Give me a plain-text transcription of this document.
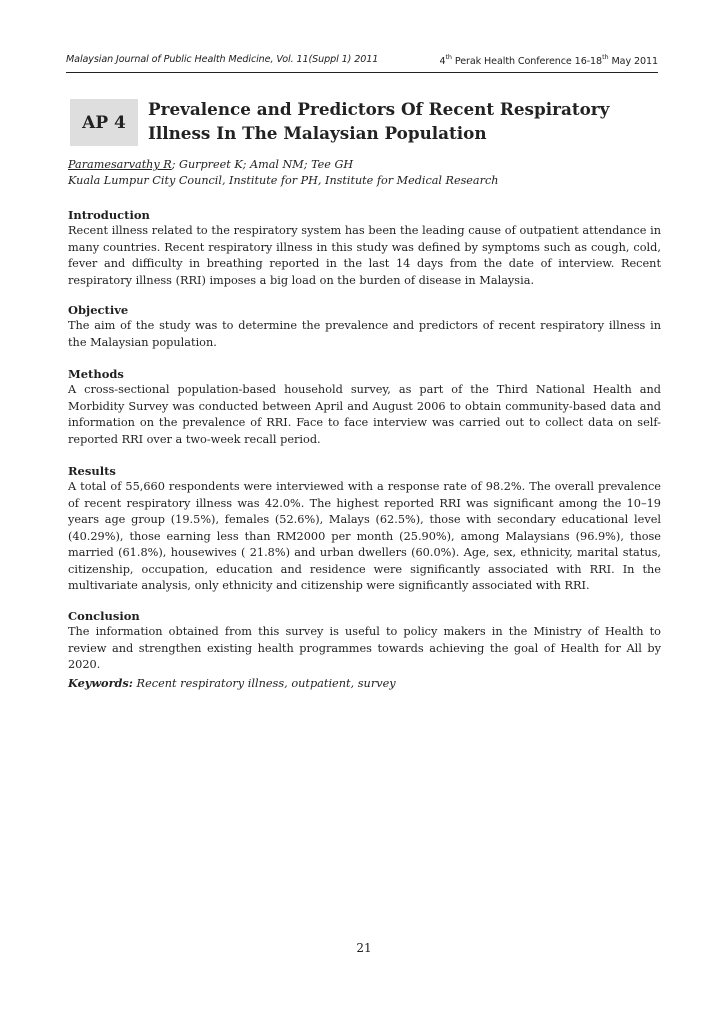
Malaysian Journal of Public Health Medicine, Vol. 11(Suppl 1) 2011	4th Perak Health Conference 16-18th May 2011
AP 4
Prevalence and Predictors Of Recent Respiratory
Illness In The Malaysian Population
Paramesarvathy R; Gurpreet K; Amal NM; Tee GH
Kuala Lumpur City Council, Institute for PH, Institute for Medical Research
Introduction
Recent illness related to the respiratory system has been the leading cause of outpatient attendance in many countries. Recent respiratory illness in this study was defined by symptoms such as cough, cold, fever and difficulty in breathing reported in the last 14 days from the date of interview. Recent respiratory illness (RRI) imposes a big load on the burden of disease in Malaysia.
Objective
The aim of the study was to determine the prevalence and predictors of recent respiratory illness in the Malaysian population.
Methods
A cross-sectional population-based household survey, as part of the Third National Health and Morbidity Survey was conducted between April and August 2006 to obtain community-based data and information on the prevalence of RRI. Face to face interview was carried out to collect data on self-reported RRI over a two-week recall period.
Results
A total of 55,660 respondents were interviewed with a response rate of 98.2%. The overall prevalence of recent respiratory illness was 42.0%. The highest reported RRI was significant among the 10–19 years age group (19.5%), females (52.6%), Malays (62.5%), those with secondary educational level (40.29%), those earning less than RM2000 per month (25.90%), among Malaysians (96.9%), those married (61.8%), housewives ( 21.8%) and urban dwellers (60.0%). Age, sex, ethnicity, marital status, citizenship, occupation, education and residence were significantly associated with RRI. In the multivariate analysis, only ethnicity and citizenship were significantly associated with RRI.
Conclusion
The information obtained from this survey is useful to policy makers in the Ministry of Health to review and strengthen existing health programmes towards achieving the goal of Health for All by 2020.
Keywords: Recent respiratory illness, outpatient, survey
21
